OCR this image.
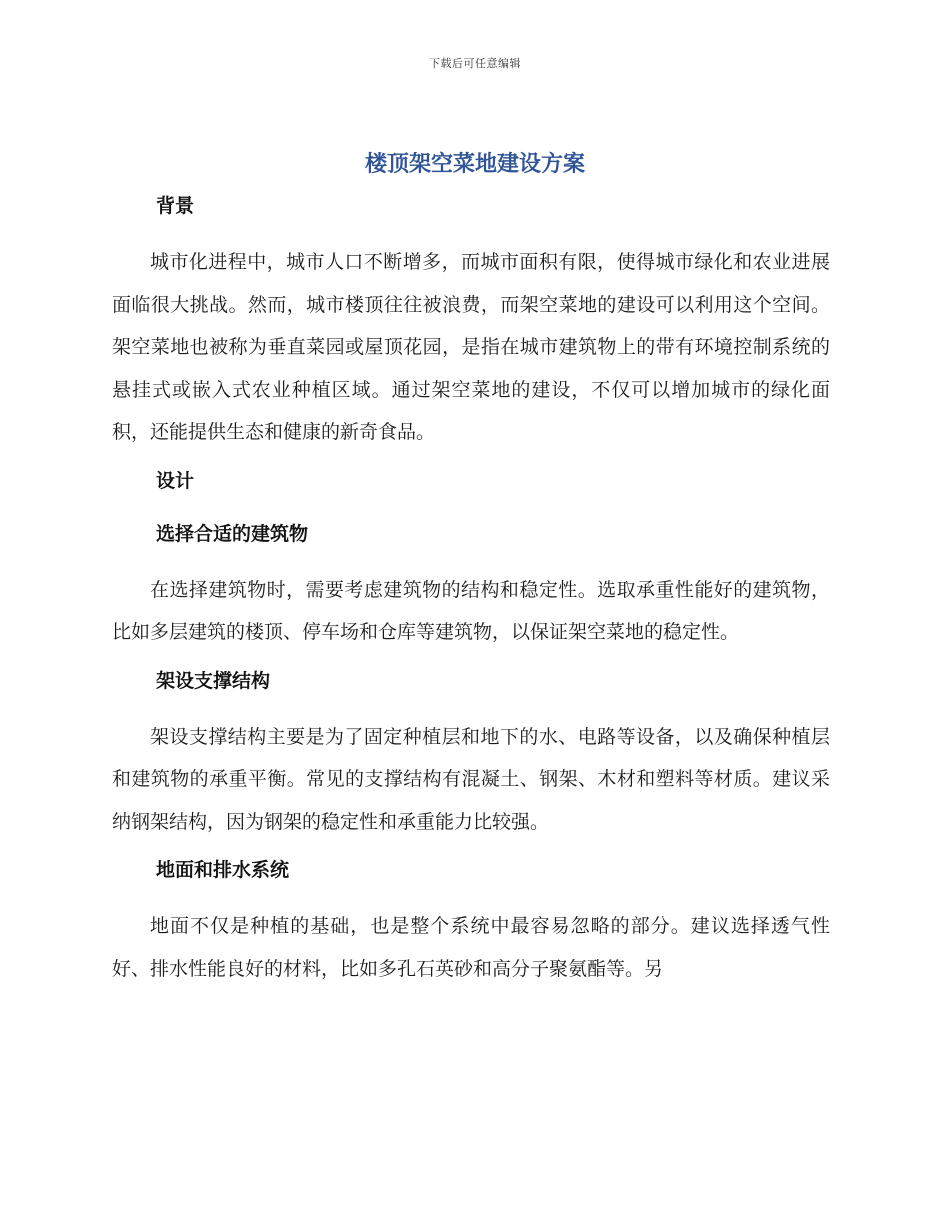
下载后可任意编辑
楼顶架空菜地建设方案
背景

城市化进程中，城市人口不断增多，而城市面积有限，使得城市绿化和农业进展面临很大挑战。然而，城市楼顶往往被浪费，而架空菜地的建设可以利用这个空间。架空菜地也被称为垂直菜园或屋顶花园，是指在城市建筑物上的带有环境控制系统的悬挂式或嵌入式农业种植区域。通过架空菜地的建设，不仅可以增加城市的绿化面积，还能提供生态和健康的新奇食品。

设计
选择合适的建筑物

在选择建筑物时，需要考虑建筑物的结构和稳定性。选取承重性能好的建筑物，比如多层建筑的楼顶、停车场和仓库等建筑物，以保证架空菜地的稳定性。

架设支撑结构

架设支撑结构主要是为了固定种植层和地下的水、电路等设备，以及确保种植层和建筑物的承重平衡。常见的支撑结构有混凝土、钢架、木材和塑料等材质。建议采纳钢架结构，因为钢架的稳定性和承重能力比较强。

地面和排水系统

地面不仅是种植的基础，也是整个系统中最容易忽略的部分。建议选择透气性好、排水性能良好的材料，比如多孔石英砂和高分子聚氨酯等。另
